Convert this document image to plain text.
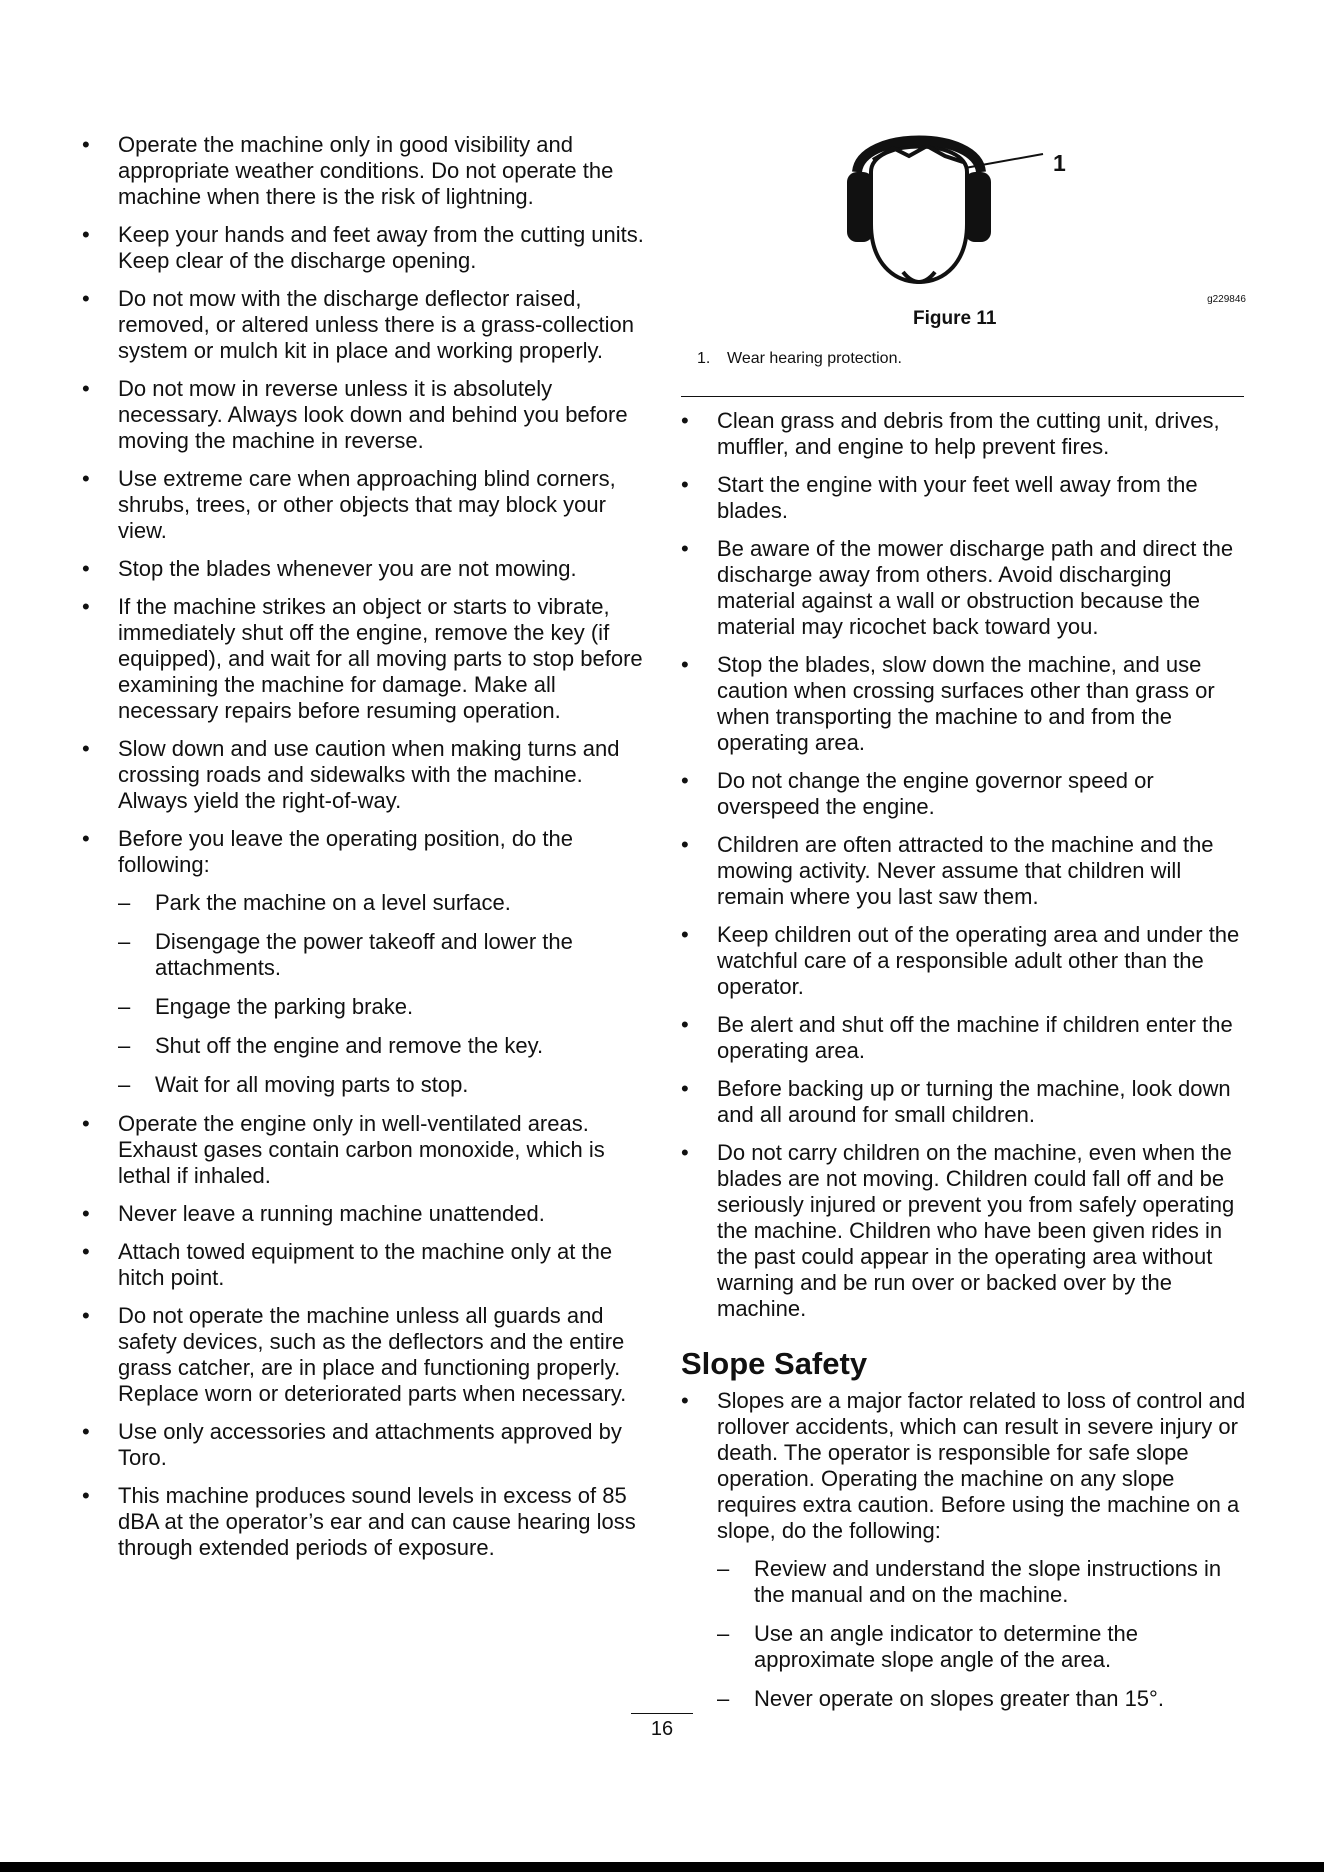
• Operate the machine only in good visibility and appropriate weather conditions. Do not operate the machine when there is the risk of lightning.
• Keep your hands and feet away from the cutting units. Keep clear of the discharge opening.
• Do not mow with the discharge deflector raised, removed, or altered unless there is a grass-collection system or mulch kit in place and working properly.
• Do not mow in reverse unless it is absolutely necessary. Always look down and behind you before moving the machine in reverse.
• Use extreme care when approaching blind corners, shrubs, trees, or other objects that may block your view.
• Stop the blades whenever you are not mowing.
• If the machine strikes an object or starts to vibrate, immediately shut off the engine, remove the key (if equipped), and wait for all moving parts to stop before examining the machine for damage. Make all necessary repairs before resuming operation.
• Slow down and use caution when making turns and crossing roads and sidewalks with the machine. Always yield the right-of-way.
• Before you leave the operating position, do the following:
– Park the machine on a level surface.
– Disengage the power takeoff and lower the attachments.
– Engage the parking brake.
– Shut off the engine and remove the key.
– Wait for all moving parts to stop.
• Operate the engine only in well-ventilated areas. Exhaust gases contain carbon monoxide, which is lethal if inhaled.
• Never leave a running machine unattended.
• Attach towed equipment to the machine only at the hitch point.
• Do not operate the machine unless all guards and safety devices, such as the deflectors and the entire grass catcher, are in place and functioning properly. Replace worn or deteriorated parts when necessary.
• Use only accessories and attachments approved by Toro.
• This machine produces sound levels in excess of 85 dBA at the operator’s ear and can cause hearing loss through extended periods of exposure.
1
g229846
Figure 11
1. Wear hearing protection.
• Clean grass and debris from the cutting unit, drives, muffler, and engine to help prevent fires.
• Start the engine with your feet well away from the blades.
• Be aware of the mower discharge path and direct the discharge away from others. Avoid discharging material against a wall or obstruction because the material may ricochet back toward you.
• Stop the blades, slow down the machine, and use caution when crossing surfaces other than grass or when transporting the machine to and from the operating area.
• Do not change the engine governor speed or overspeed the engine.
• Children are often attracted to the machine and the mowing activity. Never assume that children will remain where you last saw them.
• Keep children out of the operating area and under the watchful care of a responsible adult other than the operator.
• Be alert and shut off the machine if children enter the operating area.
• Before backing up or turning the machine, look down and all around for small children.
• Do not carry children on the machine, even when the blades are not moving. Children could fall off and be seriously injured or prevent you from safely operating the machine. Children who have been given rides in the past could appear in the operating area without warning and be run over or backed over by the machine.
Slope Safety
• Slopes are a major factor related to loss of control and rollover accidents, which can result in severe injury or death. The operator is responsible for safe slope operation. Operating the machine on any slope requires extra caution. Before using the machine on a slope, do the following:
– Review and understand the slope instructions in the manual and on the machine.
– Use an angle indicator to determine the approximate slope angle of the area.
– Never operate on slopes greater than 15°.
16
